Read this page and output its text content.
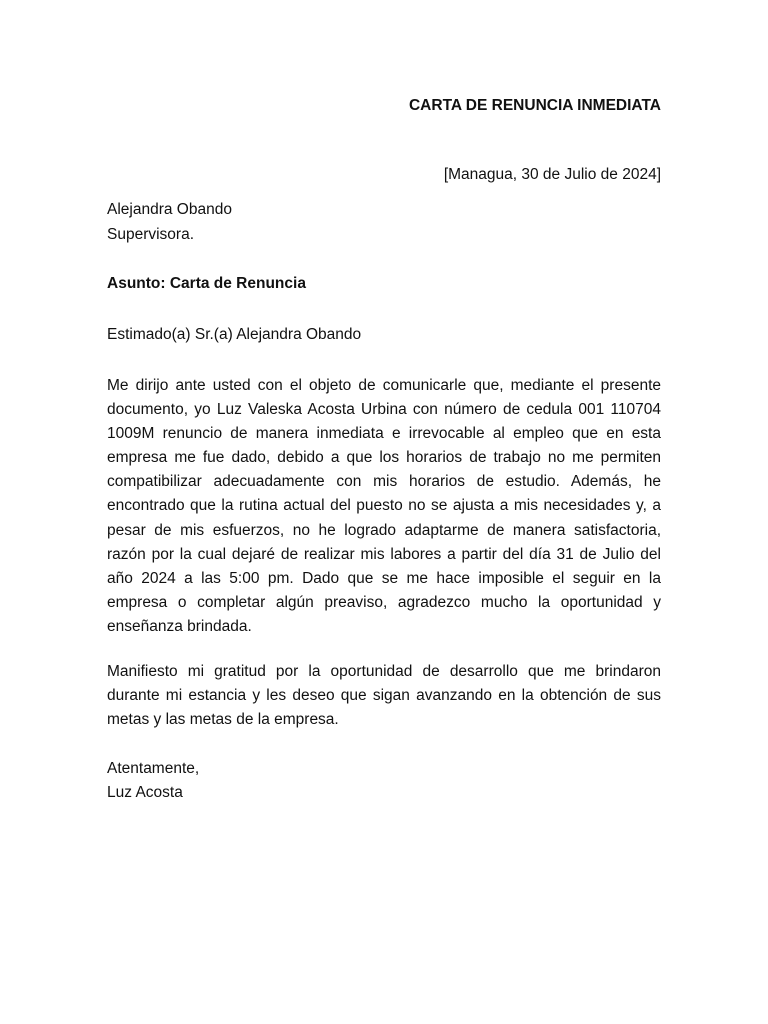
CARTA DE RENUNCIA INMEDIATA
[Managua, 30 de Julio de 2024]
Alejandra Obando
Supervisora.
Asunto: Carta de Renuncia
Estimado(a) Sr.(a) Alejandra Obando
Me dirijo ante usted con el objeto de comunicarle que, mediante el presente
documento, yo Luz Valeska Acosta Urbina con número de cedula 001 110704
1009M renuncio de manera inmediata e irrevocable al empleo que en esta
empresa me fue dado, debido a que los horarios de trabajo no me permiten
compatibilizar adecuadamente con mis horarios de estudio. Además, he
encontrado que la rutina actual del puesto no se ajusta a mis necesidades y, a
pesar de mis esfuerzos, no he logrado adaptarme de manera satisfactoria,
razón por la cual dejaré de realizar mis labores a partir del día 31 de Julio del
año 2024 a las 5:00 pm. Dado que se me hace imposible el seguir en la
empresa o completar algún preaviso, agradezco mucho la oportunidad y
enseñanza brindada.
Manifiesto mi gratitud por la oportunidad de desarrollo que me brindaron
durante mi estancia y les deseo que sigan avanzando en la obtención de sus
metas y las metas de la empresa.
Atentamente,
Luz Acosta
